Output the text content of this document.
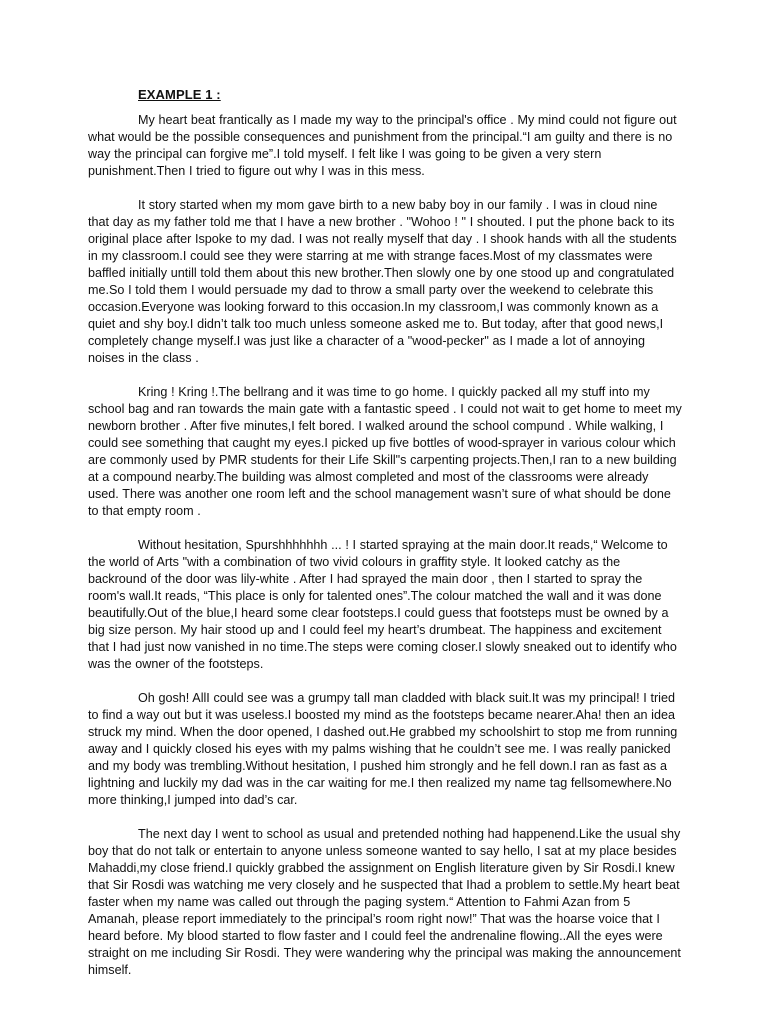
EXAMPLE 1 :

My heart beat frantically as I made my way to the principal's office . My mind could not figure out what would be the possible consequences and punishment from the principal.“I am guilty and there is no way the principal can forgive me”.I told myself. I felt like I was going to be given a very stern punishment.Then I tried to figure out why I was in this mess.

It story started when my mom gave birth to a new baby boy in our family . I was in cloud nine that day as my father told me that I have a new brother . "Wohoo ! " I shouted. I put the phone back to its original place after Ispoke to my dad. I was not really myself that day . I shook hands with all the students in my classroom.I could see they were starring at me with strange faces.Most of my classmates were baffled initially untill told them about this new brother.Then slowly one by one stood up and congratulated me.So I told them I would persuade my dad to throw a small party over the weekend to celebrate this occasion.Everyone was looking forward to this occasion.In my classroom,I was commonly known as a quiet and shy boy.I didn’t talk too much unless someone asked me to. But today, after that good news,I completely change myself.I was just like a character of a "wood-pecker" as I made a lot of annoying noises in the class .

Kring ! Kring !.The bellrang and it was time to go home. I quickly packed all my stuff into my school bag and ran towards the main gate with a fantastic speed . I could not wait to get home to meet my newborn brother . After five minutes,I felt bored. I walked around the school compund . While walking, I could see something that caught my eyes.I picked up five bottles of wood-sprayer in various colour which are commonly used by PMR students for their Life Skill"s carpenting projects.Then,I ran to a new building at a compound nearby.The building was almost completed and most of the classrooms were already used. There was another one room left and the school management wasn’t sure of what should be done to that empty room .

Without hesitation, Spurshhhhhhh ... ! I started spraying at the main door.It reads,“ Welcome to the world of Arts "with a combination of two vivid colours in graffity style. It looked catchy as the backround of the door was lily-white . After I had sprayed the main door , then I started to spray the room's wall.It reads, “This place is only for talented ones”.The colour matched the wall and it was done beautifully.Out of the blue,I heard some clear footsteps.I could guess that footsteps must be owned by a big size person. My hair stood up and I could feel my heart’s drumbeat. The happiness and excitement that I had just now vanished in no time.The steps were coming closer.I slowly sneaked out to identify who was the owner of the footsteps.

Oh gosh! AllI could see was a grumpy tall man cladded with black suit.It was my principal! I tried to find a way out but it was useless.I boosted my mind as the footsteps became nearer.Aha! then an idea struck my mind. When the door opened, I dashed out.He grabbed my schoolshirt to stop me from running away and I quickly closed his eyes with my palms wishing that he couldn’t see me. I was really panicked and my body was trembling.Without hesitation, I pushed him strongly and he fell down.I ran as fast as a lightning and luckily my dad was in the car waiting for me.I then realized my name tag fellsomewhere.No more thinking,I jumped into dad’s car.

The next day I went to school as usual and pretended nothing had happenend.Like the usual shy boy that do not talk or entertain to anyone unless someone wanted to say hello, I sat at my place besides Mahaddi,my close friend.I quickly grabbed the assignment on English literature given by Sir Rosdi.I knew that Sir Rosdi was watching me very closely and he suspected that Ihad a problem to settle.My heart beat faster when my name was called out through the paging system.“ Attention to Fahmi Azan from 5 Amanah, please report immediately to the principal’s room right now!” That was the hoarse voice that I heard before. My blood started to flow faster and I could feel the andrenaline flowing..All the eyes were straight on me including Sir Rosdi. They were wandering why the principal was making the announcement himself.
